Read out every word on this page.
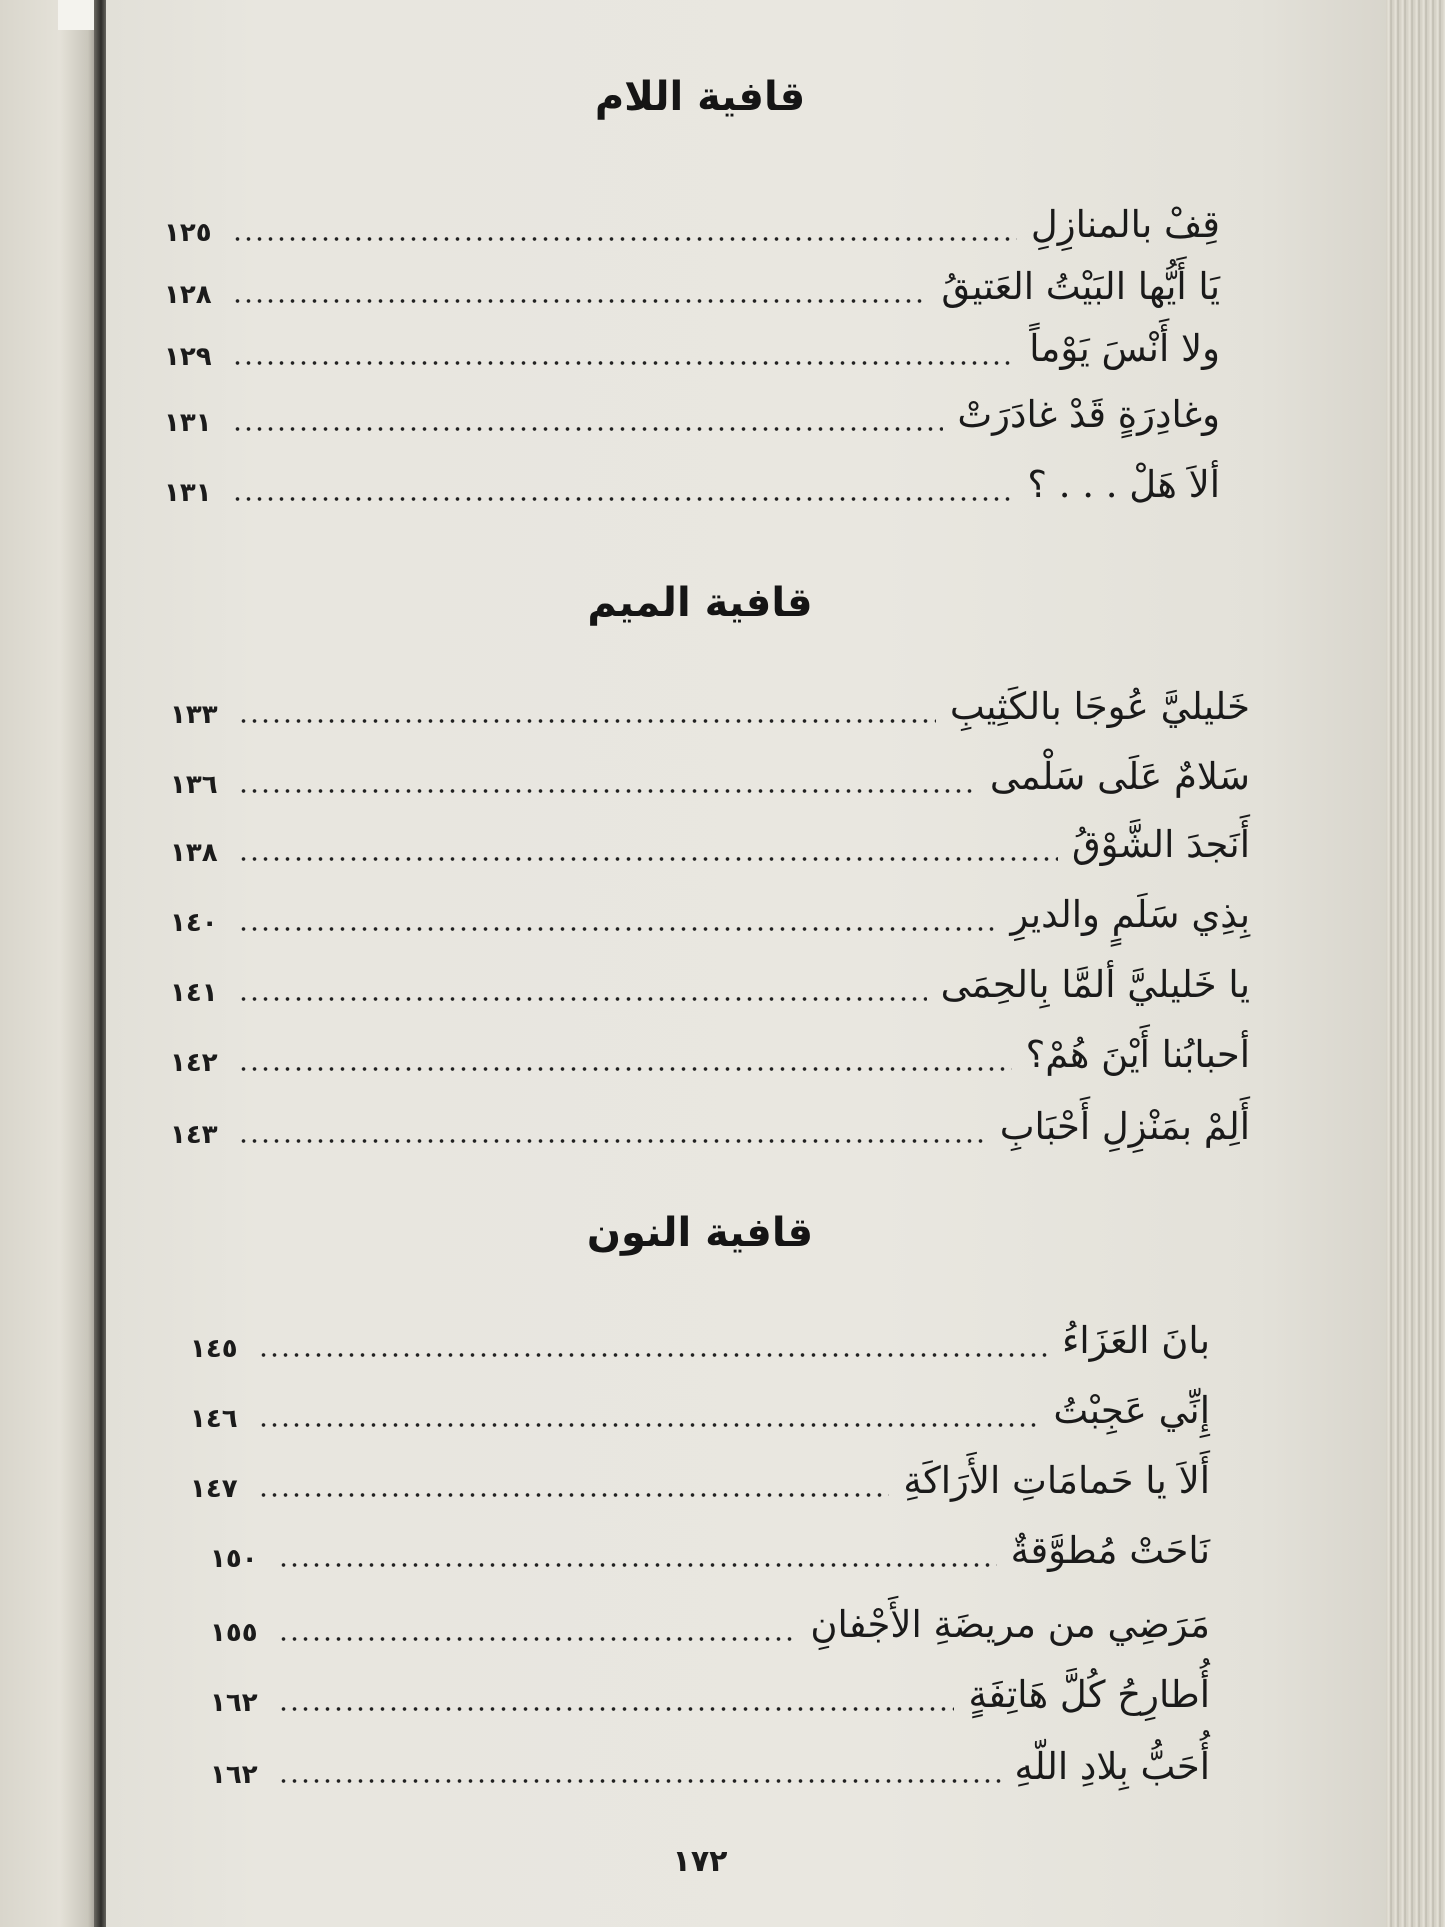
قافية اللام
قِفْ بالمنازِلِ
١٢٥
يَا أَيُّها البَيْتُ العَتيقُ
١٢٨
ولا أَنْسَ يَوْماً
١٢٩
وغادِرَةٍ قَدْ غادَرَتْ
١٣١
ألاَ هَلْ . . . ؟
١٣١
قافية الميم
خَليليَّ عُوجَا بالكَثِيبِ
١٣٣
سَلامٌ عَلَى سَلْمى
١٣٦
أَنَجدَ الشَّوْقُ
١٣٨
بِذِي سَلَمٍ والديرِ
١٤٠
يا خَليليَّ ألمَّا بِالحِمَى
١٤١
أحبابُنا أَيْنَ هُمْ؟
١٤٢
أَلِمْ بمَنْزِلِ أَحْبَابِ
١٤٣
قافية النون
بانَ العَزَاءُ
١٤٥
إِنِّي عَجِبْتُ
١٤٦
أَلاَ يا حَمامَاتِ الأَرَاكَةِ
١٤٧
نَاحَتْ مُطوَّقةٌ
١٥٠
مَرَضِي من مريضَةِ الأَجْفانِ
١٥٥
أُطارِحُ كُلَّ هَاتِفَةٍ
١٦٢
أُحَبُّ بِلادِ اللّهِ
١٦٢
١٧٢
